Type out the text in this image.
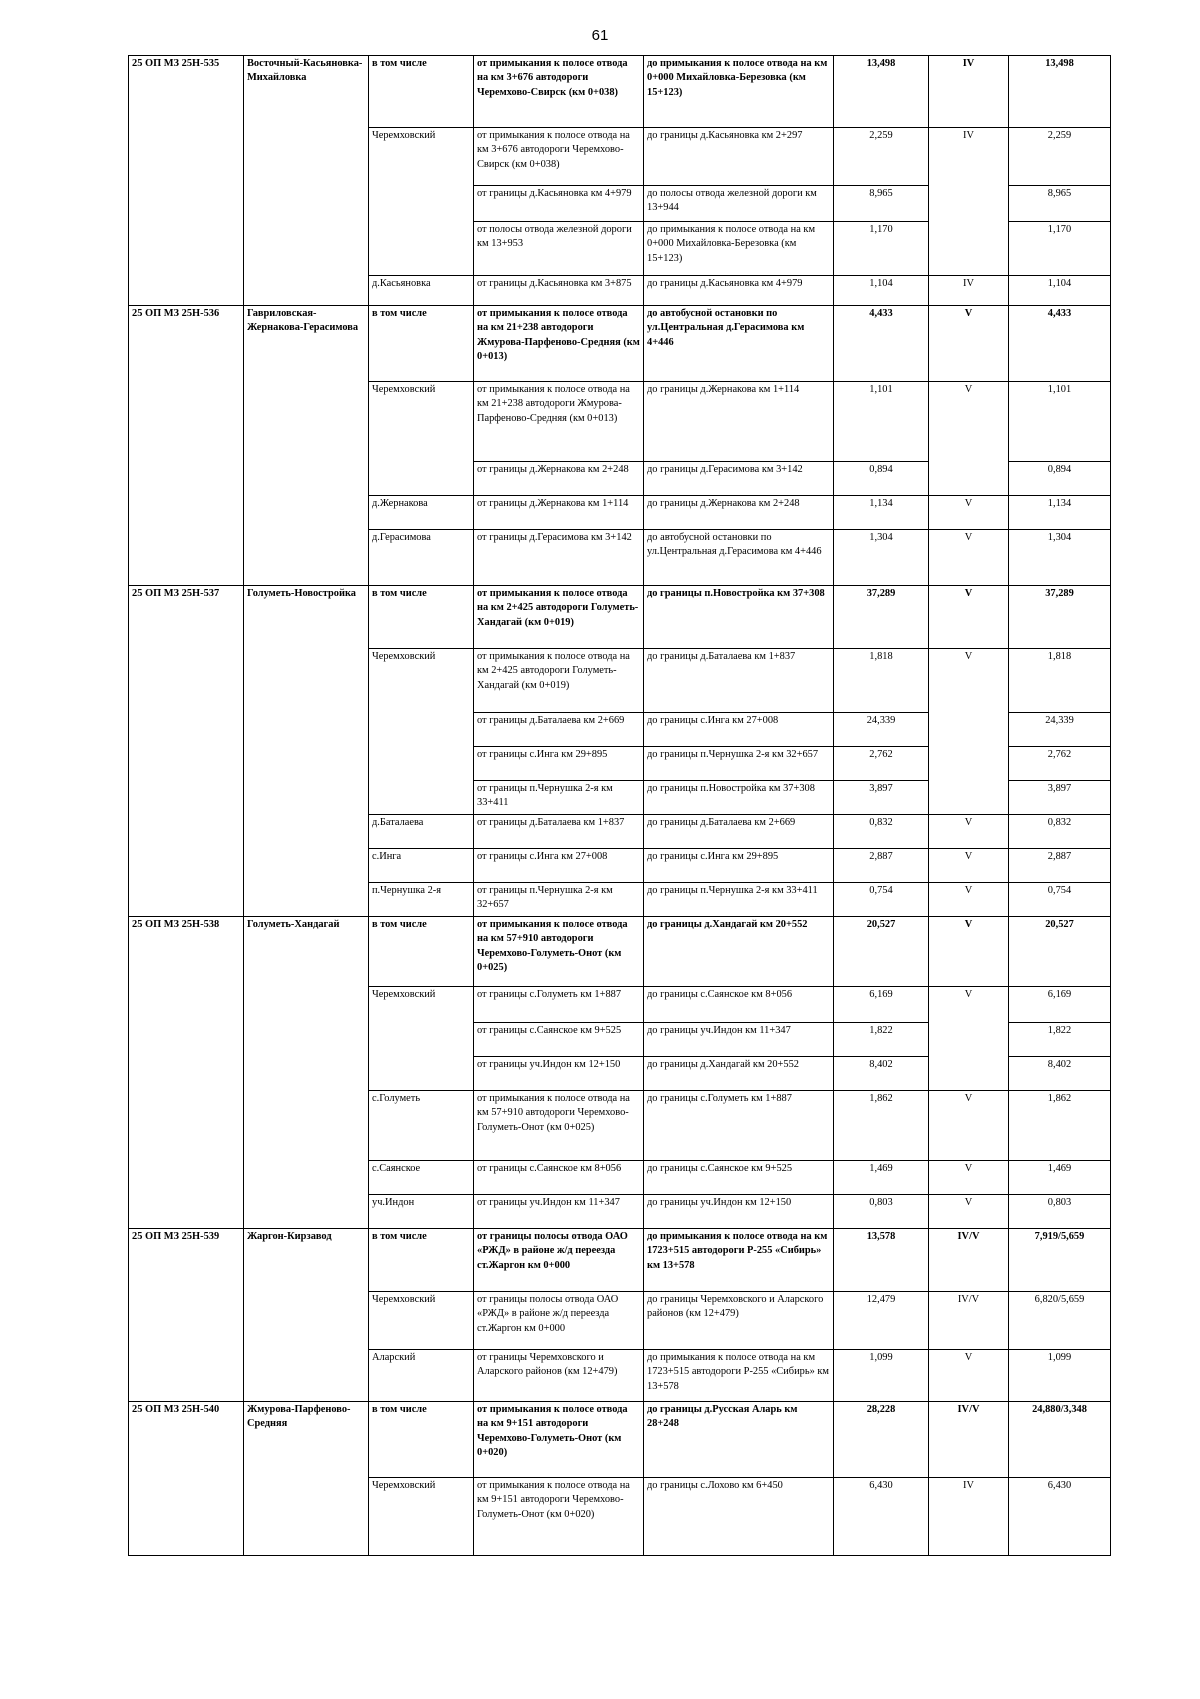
61
25 ОП МЗ 25Н-535	Восточный-Касьяновка-Михайловка	в том числе	от примыкания к полосе отвода на км 3+676 автодороги Черемхово-Свирск (км 0+038)	до примыкания к полосе отвода на км 0+000 Михайловка-Березовка (км 15+123)	13,498	IV	13,498
		Черемховский	от примыкания к полосе отвода на км 3+676 автодороги Черемхово-Свирск (км 0+038)	до границы д.Касьяновка км 2+297	2,259	IV	2,259
			от границы д.Касьяновка км 4+979	до полосы отвода железной дороги км 13+944	8,965		8,965
			от полосы отвода железной дороги км 13+953	до примыкания к полосе отвода на км 0+000 Михайловка-Березовка (км 15+123)	1,170		1,170
		д.Касьяновка	от границы д.Касьяновка км 3+875	до границы д.Касьяновка км 4+979	1,104	IV	1,104
25 ОП МЗ 25Н-536	Гавриловская-Жернакова-Герасимова	в том числе	от примыкания к полосе отвода на км 21+238 автодороги Жмурова-Парфеново-Средняя (км 0+013)	до автобусной остановки по ул.Центральная д.Герасимова км 4+446	4,433	V	4,433
		Черемховский	от примыкания к полосе отвода на км 21+238 автодороги Жмурова-Парфеново-Средняя (км 0+013)	до границы д.Жернакова км 1+114	1,101	V	1,101
			от границы д.Жернакова км 2+248	до границы д.Герасимова км 3+142	0,894		0,894
		д.Жернакова	от границы д.Жернакова км 1+114	до границы д.Жернакова км 2+248	1,134	V	1,134
		д.Герасимова	от границы д.Герасимова км 3+142	до автобусной остановки по ул.Центральная д.Герасимова км 4+446	1,304	V	1,304
25 ОП МЗ 25Н-537	Голуметь-Новостройка	в том числе	от примыкания к полосе отвода на км 2+425 автодороги Голуметь-Хандагай (км 0+019)	до границы п.Новостройка км 37+308	37,289	V	37,289
		Черемховский	от примыкания к полосе отвода на км 2+425 автодороги Голуметь-Хандагай (км 0+019)	до границы д.Баталаева км 1+837	1,818	V	1,818
			от границы д.Баталаева км 2+669	до границы с.Инга км 27+008	24,339		24,339
			от границы с.Инга км 29+895	до границы п.Чернушка 2-я км 32+657	2,762		2,762
			от границы п.Чернушка 2-я км 33+411	до границы п.Новостройка км 37+308	3,897		3,897
		д.Баталаева	от границы д.Баталаева км 1+837	до границы д.Баталаева км 2+669	0,832	V	0,832
		с.Инга	от границы с.Инга км 27+008	до границы с.Инга км 29+895	2,887	V	2,887
		п.Чернушка 2-я	от границы п.Чернушка 2-я км 32+657	до границы п.Чернушка 2-я км 33+411	0,754	V	0,754
25 ОП МЗ 25Н-538	Голуметь-Хандагай	в том числе	от примыкания к полосе отвода на км 57+910 автодороги Черемхово-Голуметь-Онот (км 0+025)	до границы д.Хандагай км 20+552	20,527	V	20,527
		Черемховский	от границы с.Голуметь км 1+887	до границы с.Саянское км 8+056	6,169	V	6,169
			от границы с.Саянское км 9+525	до границы уч.Индон км 11+347	1,822		1,822
			от границы уч.Индон км 12+150	до границы д.Хандагай км 20+552	8,402		8,402
		с.Голуметь	от примыкания к полосе отвода на км 57+910 автодороги Черемхово-Голуметь-Онот (км 0+025)	до границы с.Голуметь км 1+887	1,862	V	1,862
		с.Саянское	от границы с.Саянское км 8+056	до границы с.Саянское км 9+525	1,469	V	1,469
		уч.Индон	от границы уч.Индон км 11+347	до границы уч.Индон км 12+150	0,803	V	0,803
25 ОП МЗ 25Н-539	Жаргон-Кирзавод	в том числе	от границы полосы отвода ОАО «РЖД» в районе ж/д переезда ст.Жаргон км 0+000	до примыкания к полосе отвода на км 1723+515 автодороги Р-255 «Сибирь» км 13+578	13,578	IV/V	7,919/5,659
		Черемховский	от границы полосы отвода ОАО «РЖД» в районе ж/д переезда ст.Жаргон км 0+000	до границы Черемховского и Аларского районов (км 12+479)	12,479	IV/V	6,820/5,659
		Аларский	от границы Черемховского и Аларского районов (км 12+479)	до примыкания к полосе отвода на км 1723+515 автодороги Р-255 «Сибирь» км 13+578	1,099	V	1,099
25 ОП МЗ 25Н-540	Жмурова-Парфеново-Средняя	в том числе	от примыкания к полосе отвода на км 9+151 автодороги Черемхово-Голуметь-Онот (км 0+020)	до границы д.Русская Аларь км 28+248	28,228	IV/V	24,880/3,348
		Черемховский	от примыкания к полосе отвода на км 9+151 автодороги Черемхово-Голуметь-Онот (км 0+020)	до границы с.Лохово км 6+450	6,430	IV	6,430
